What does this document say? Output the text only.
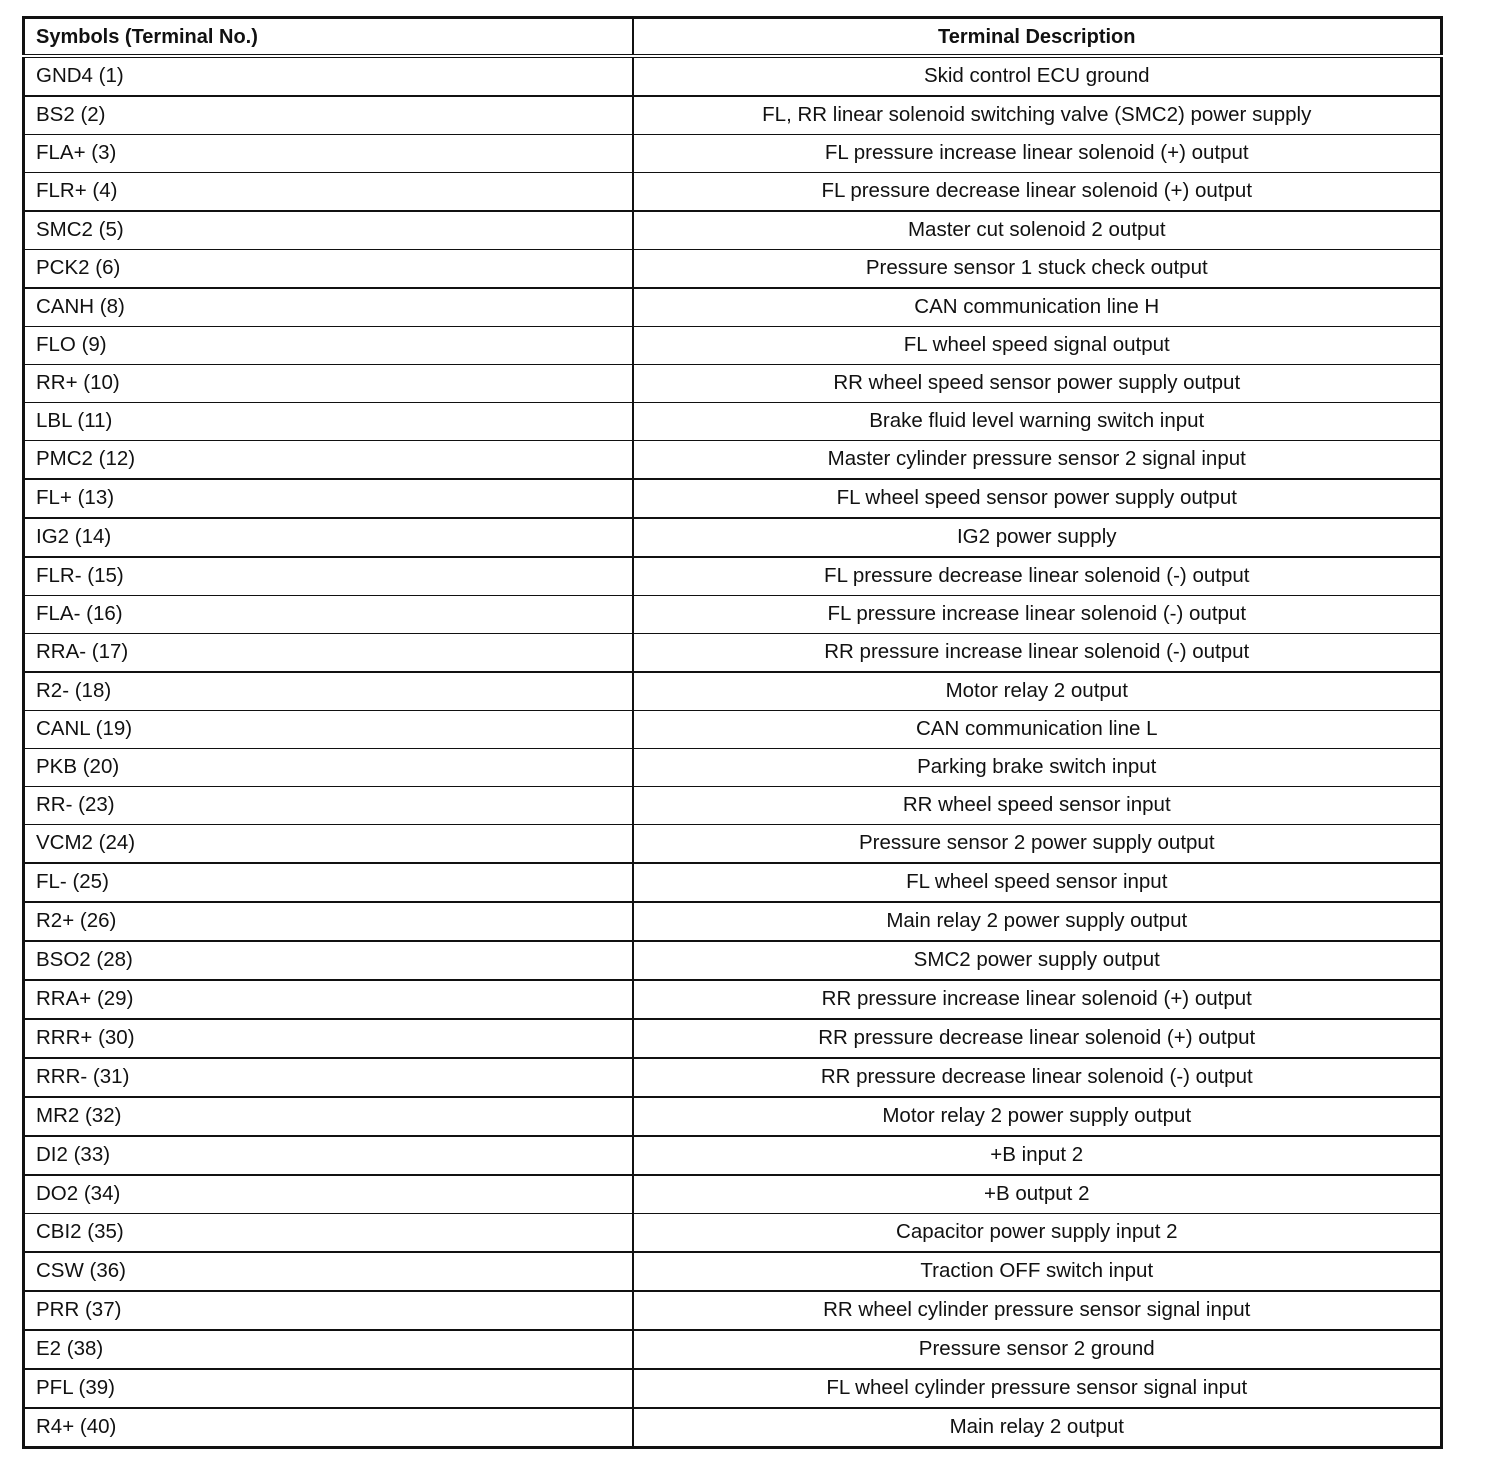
Symbols (Terminal No.)	Terminal Description
GND4 (1)	Skid control ECU ground
BS2 (2)	FL, RR linear solenoid switching valve (SMC2) power supply
FLA+ (3)	FL pressure increase linear solenoid (+) output
FLR+ (4)	FL pressure decrease linear solenoid (+) output
SMC2 (5)	Master cut solenoid 2 output
PCK2 (6)	Pressure sensor 1 stuck check output
CANH (8)	CAN communication line H
FLO (9)	FL wheel speed signal output
RR+ (10)	RR wheel speed sensor power supply output
LBL (11)	Brake fluid level warning switch input
PMC2 (12)	Master cylinder pressure sensor 2 signal input
FL+ (13)	FL wheel speed sensor power supply output
IG2 (14)	IG2 power supply
FLR- (15)	FL pressure decrease linear solenoid (-) output
FLA- (16)	FL pressure increase linear solenoid (-) output
RRA- (17)	RR pressure increase linear solenoid (-) output
R2- (18)	Motor relay 2 output
CANL (19)	CAN communication line L
PKB (20)	Parking brake switch input
RR- (23)	RR wheel speed sensor input
VCM2 (24)	Pressure sensor 2 power supply output
FL- (25)	FL wheel speed sensor input
R2+ (26)	Main relay 2 power supply output
BSO2 (28)	SMC2 power supply output
RRA+ (29)	RR pressure increase linear solenoid (+) output
RRR+ (30)	RR pressure decrease linear solenoid (+) output
RRR- (31)	RR pressure decrease linear solenoid (-) output
MR2 (32)	Motor relay 2 power supply output
DI2 (33)	+B input 2
DO2 (34)	+B output 2
CBI2 (35)	Capacitor power supply input 2
CSW (36)	Traction OFF switch input
PRR (37)	RR wheel cylinder pressure sensor signal input
E2 (38)	Pressure sensor 2 ground
PFL (39)	FL wheel cylinder pressure sensor signal input
R4+ (40)	Main relay 2 output
